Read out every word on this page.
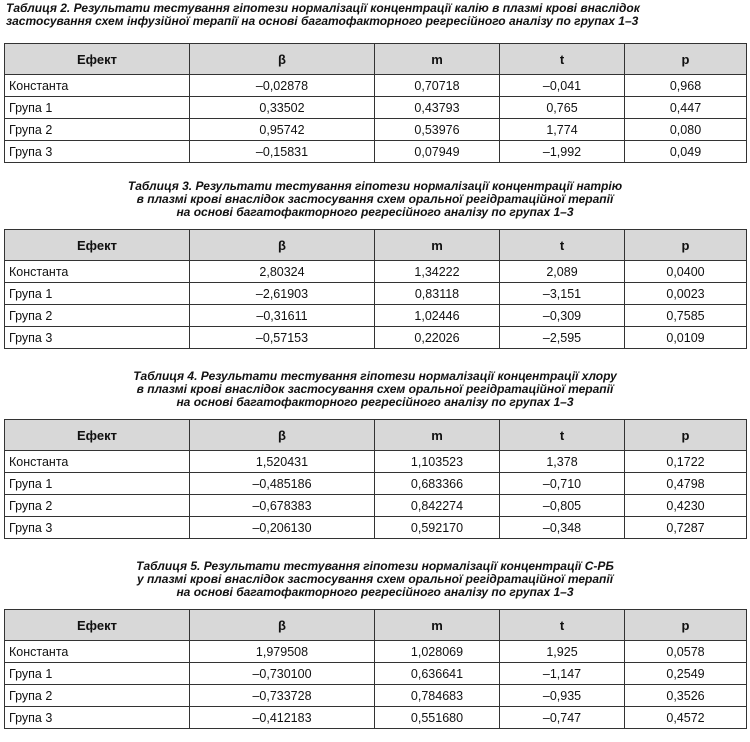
Таблиця 2. Результати тестування гіпотези нормалізації концентрації калію в плазмі крові внаслідок
застосування схем інфузійної терапії на основі багатофакторного регресійного аналізу по групах 1–3

Ефект	β	m	t	p
Константа	–0,02878	0,70718	–0,041	0,968
Група 1	0,33502	0,43793	0,765	0,447
Група 2	0,95742	0,53976	1,774	0,080
Група 3	–0,15831	0,07949	–1,992	0,049

Таблиця 3. Результати тестування гіпотези нормалізації концентрації натрію
в плазмі крові внаслідок застосування схем оральної регідратаційної терапії
на основі багатофакторного регресійного аналізу по групах 1–3

Ефект	β	m	t	p
Константа	2,80324	1,34222	2,089	0,0400
Група 1	–2,61903	0,83118	–3,151	0,0023
Група 2	–0,31611	1,02446	–0,309	0,7585
Група 3	–0,57153	0,22026	–2,595	0,0109

Таблиця 4. Результати тестування гіпотези нормалізації концентрації хлору
в плазмі крові внаслідок застосування схем оральної регідратаційної терапії
на основі багатофакторного регресійного аналізу по групах 1–3

Ефект	β	m	t	p
Константа	1,520431	1,103523	1,378	0,1722
Група 1	–0,485186	0,683366	–0,710	0,4798
Група 2	–0,678383	0,842274	–0,805	0,4230
Група 3	–0,206130	0,592170	–0,348	0,7287

Таблиця 5. Результати тестування гіпотези нормалізації концентрації С-РБ
у плазмі крові внаслідок застосування схем оральної регідратаційної терапії
на основі багатофакторного регресійного аналізу по групах 1–3

Ефект	β	m	t	p
Константа	1,979508	1,028069	1,925	0,0578
Група 1	–0,730100	0,636641	–1,147	0,2549
Група 2	–0,733728	0,784683	–0,935	0,3526
Група 3	–0,412183	0,551680	–0,747	0,4572
